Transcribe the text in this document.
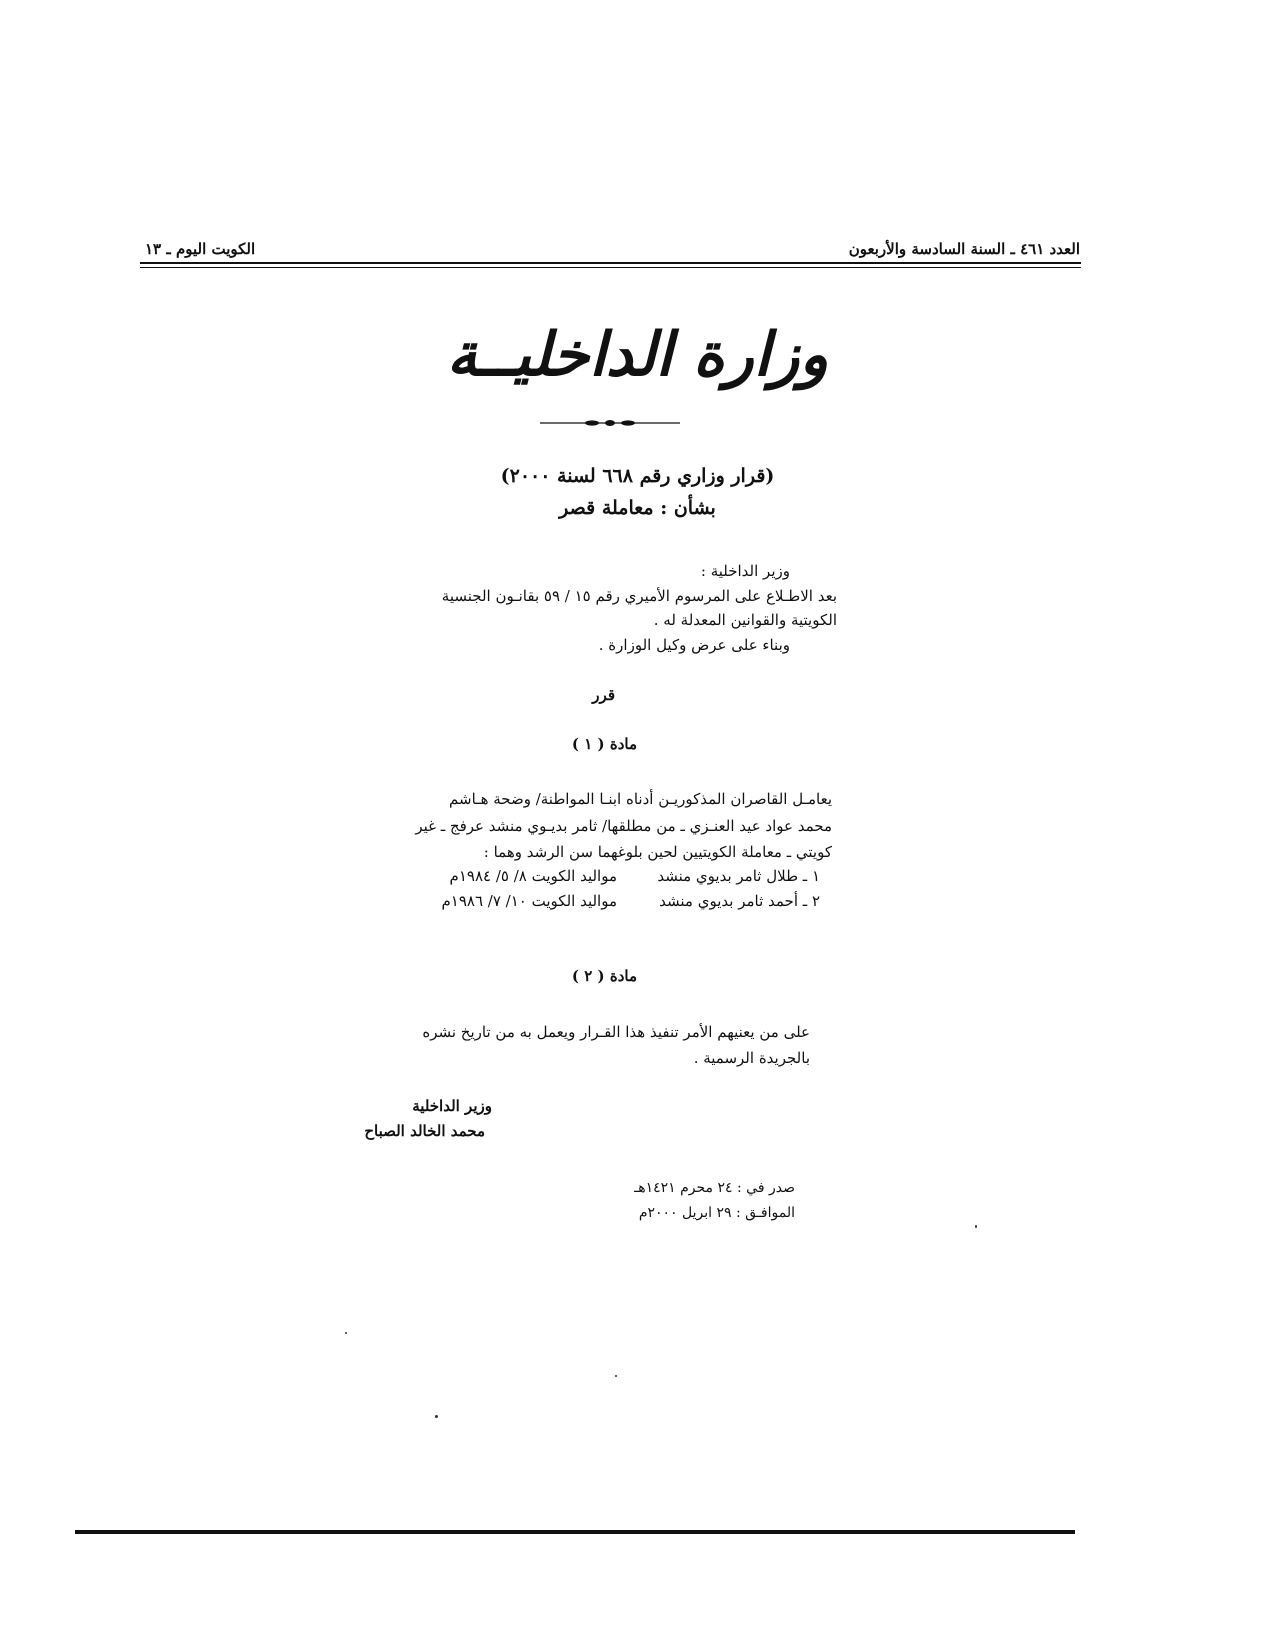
العدد ٤٦١ ـ السنة السادسة والأربعون
الكويت اليوم ـ ١٣
وزارة الداخليــة
(قرار وزاري رقم ٦٦٨ لسنة ٢٠٠٠)
بشأن : معاملة قصر
وزير الداخلية :
بعد الاطـلاع على المرسوم الأميري رقم ١٥ / ٥٩ بقانـون الجنسية
الكويتية والقوانين المعدلة له .
وبناء على عرض وكيل الوزارة .
قرر
مادة ( ١ )
يعامـل القاصران المذكوريـن أدناه ابنـا المواطنة/ وضحة هـاشم
محمد عواد عيد العنـزي ـ من مطلقها/ ثامر بديـوي منشد عرفج ـ غير
كويتي ـ معاملة الكويتيين لحين بلوغهما سن الرشد وهما :
١ ـ طلال ثامر بديوي منشد
مواليد الكويت ٨/ ٥/ ١٩٨٤م
٢ ـ أحمد ثامر بديوي منشد
مواليد الكويت ١٠/ ٧/ ١٩٨٦م
مادة ( ٢ )
على من يعنيهم الأمر تنفيذ هذا القـرار ويعمل به من تاريخ نشره
بالجريدة الرسمية .
وزير الداخلية
محمد الخالد الصباح
صدر في : ٢٤ محرم ١٤٢١هـ
الموافـق : ٢٩ ابريل ٢٠٠٠م
